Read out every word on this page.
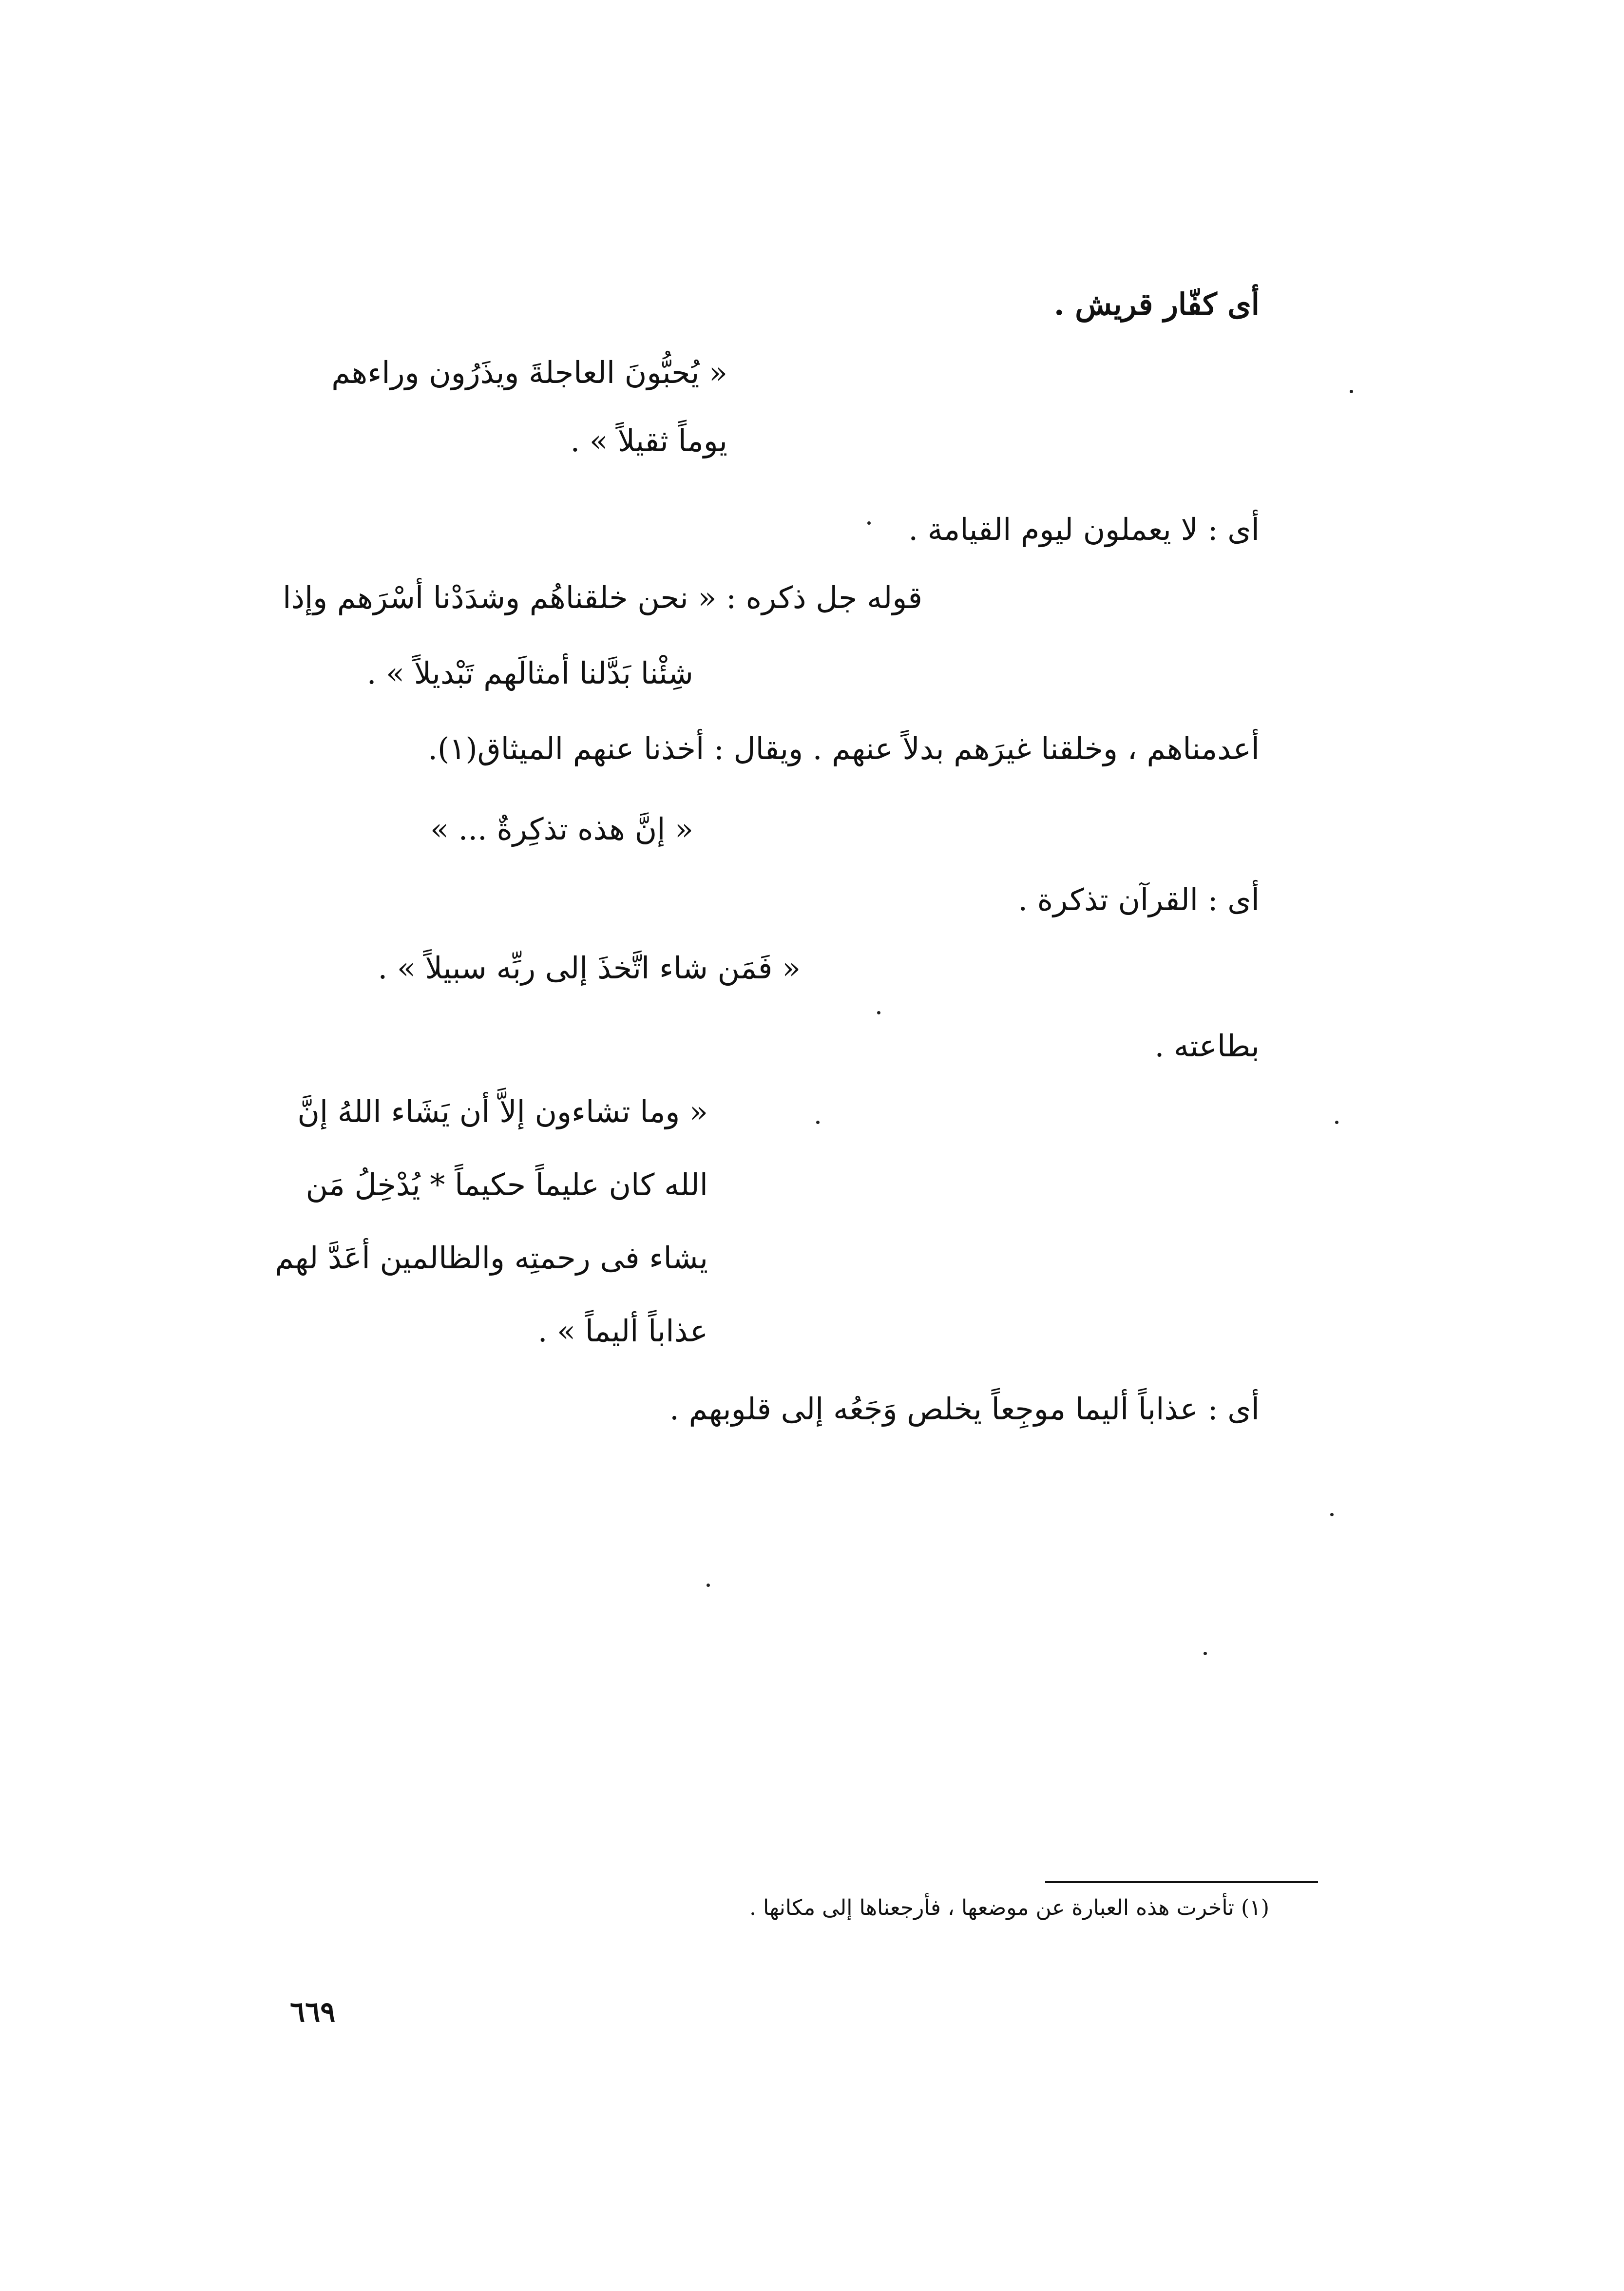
أى كفّار قريش .
« يُحبُّونَ العاجلةَ ويذَرُون وراءهم
يوماً ثقيلاً » .
أى : لا يعملون ليوم القيامة .
قوله جل ذكره : « نحن خلقناهُم وشدَدْنا أسْرَهم وإذا
شِئْنا بَدَّلنا أمثالَهم تَبْديلاً » .
أعدمناهم ، وخلقنا غيرَهم بدلاً عنهم . ويقال : أخذنا عنهم الميثاق(١).
« إنَّ هذه تذكِرةٌ ... »
أى : القرآن تذكرة .
« فَمَن شاء اتَّخذَ إلى ربِّه سبيلاً » .
بطاعته .
« وما تشاءون إلاَّ أن يَشَاء اللهُ إنَّ
الله كان عليماً حكيماً * يُدْخِلُ مَن
يشاء فى رحمتِه والظالمين أعَدَّ لهم
عذاباً أليماً » .
أى : عذاباً أليما موجِعاً يخلص وَجَعُه إلى قلوبهم .
(١) تأخرت هذه العبارة عن موضعها ، فأرجعناها إلى مكانها .
٦٦٩
